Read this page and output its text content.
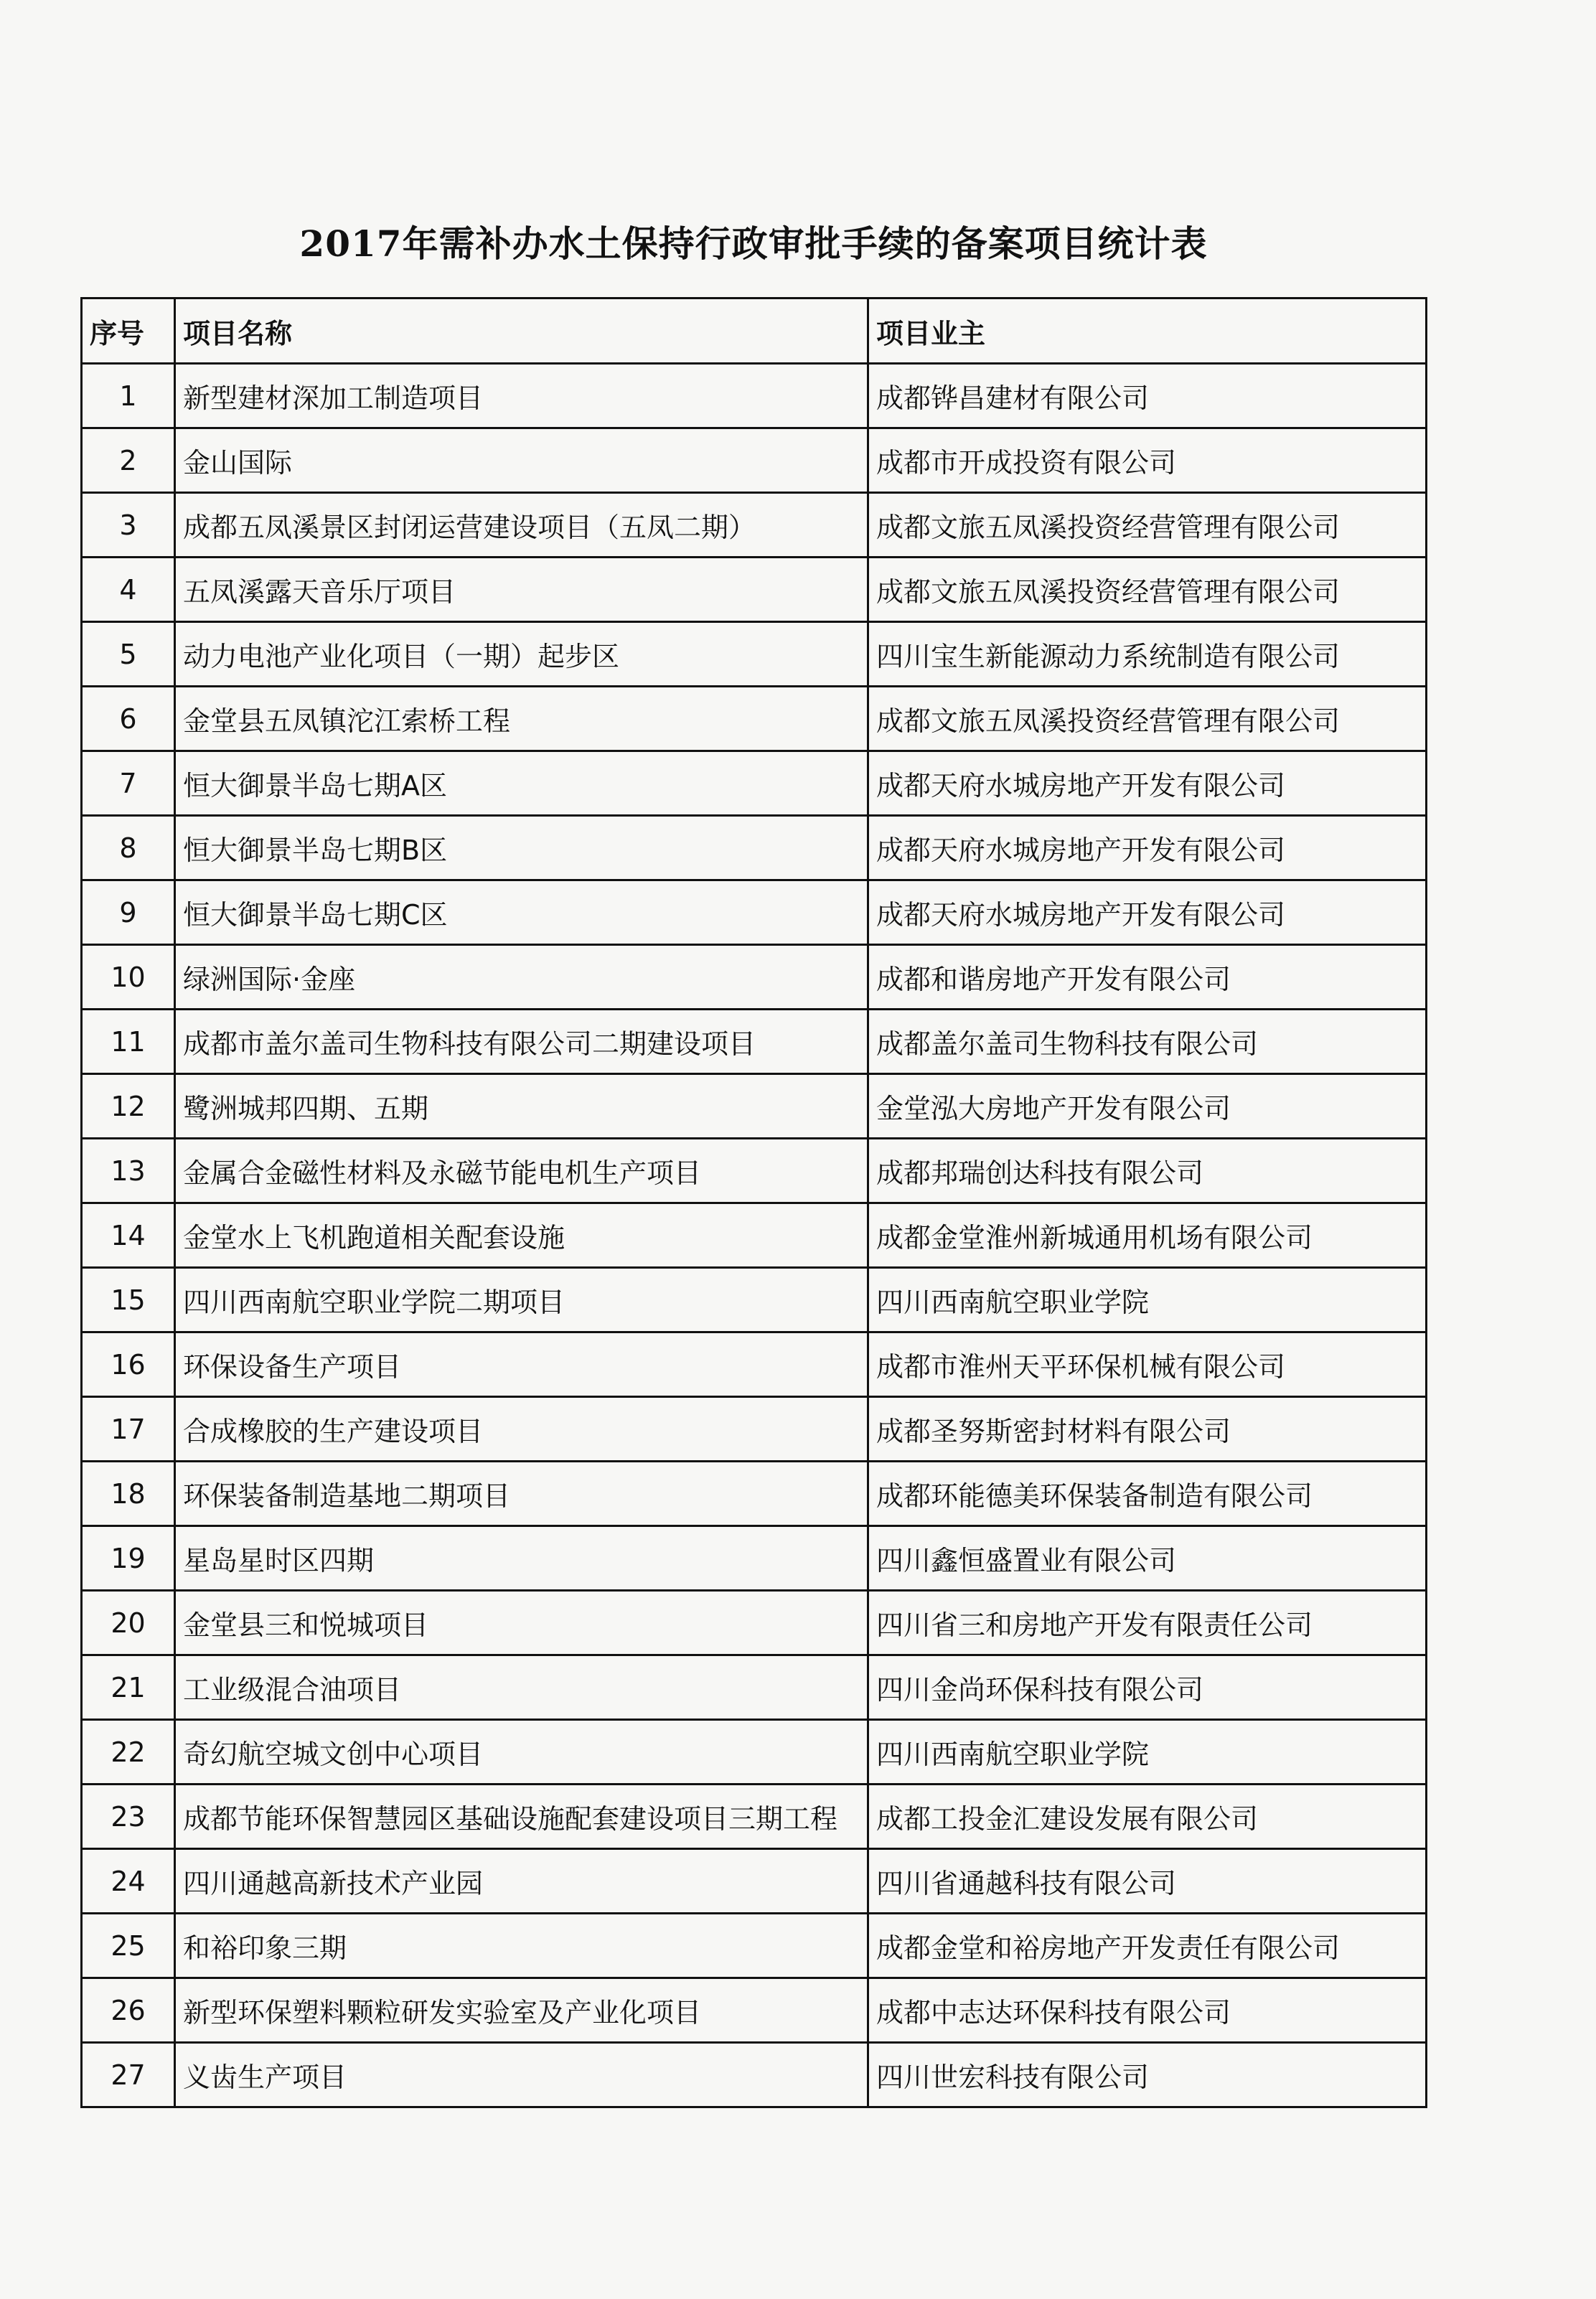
2017年需补办水土保持行政审批手续的备案项目统计表
序号	项目名称	项目业主
1	新型建材深加工制造项目	成都铧昌建材有限公司
2	金山国际	成都市开成投资有限公司
3	成都五凤溪景区封闭运营建设项目（五凤二期）	成都文旅五凤溪投资经营管理有限公司
4	五凤溪露天音乐厅项目	成都文旅五凤溪投资经营管理有限公司
5	动力电池产业化项目（一期）起步区	四川宝生新能源动力系统制造有限公司
6	金堂县五凤镇沱江索桥工程	成都文旅五凤溪投资经营管理有限公司
7	恒大御景半岛七期A区	成都天府水城房地产开发有限公司
8	恒大御景半岛七期B区	成都天府水城房地产开发有限公司
9	恒大御景半岛七期C区	成都天府水城房地产开发有限公司
10	绿洲国际·金座	成都和谐房地产开发有限公司
11	成都市盖尔盖司生物科技有限公司二期建设项目	成都盖尔盖司生物科技有限公司
12	鹭洲城邦四期、五期	金堂泓大房地产开发有限公司
13	金属合金磁性材料及永磁节能电机生产项目	成都邦瑞创达科技有限公司
14	金堂水上飞机跑道相关配套设施	成都金堂淮州新城通用机场有限公司
15	四川西南航空职业学院二期项目	四川西南航空职业学院
16	环保设备生产项目	成都市淮州天平环保机械有限公司
17	合成橡胶的生产建设项目	成都圣努斯密封材料有限公司
18	环保装备制造基地二期项目	成都环能德美环保装备制造有限公司
19	星岛星时区四期	四川鑫恒盛置业有限公司
20	金堂县三和悦城项目	四川省三和房地产开发有限责任公司
21	工业级混合油项目	四川金尚环保科技有限公司
22	奇幻航空城文创中心项目	四川西南航空职业学院
23	成都节能环保智慧园区基础设施配套建设项目三期工程	成都工投金汇建设发展有限公司
24	四川通越高新技术产业园	四川省通越科技有限公司
25	和裕印象三期	成都金堂和裕房地产开发责任有限公司
26	新型环保塑料颗粒研发实验室及产业化项目	成都中志达环保科技有限公司
27	义齿生产项目	四川世宏科技有限公司
